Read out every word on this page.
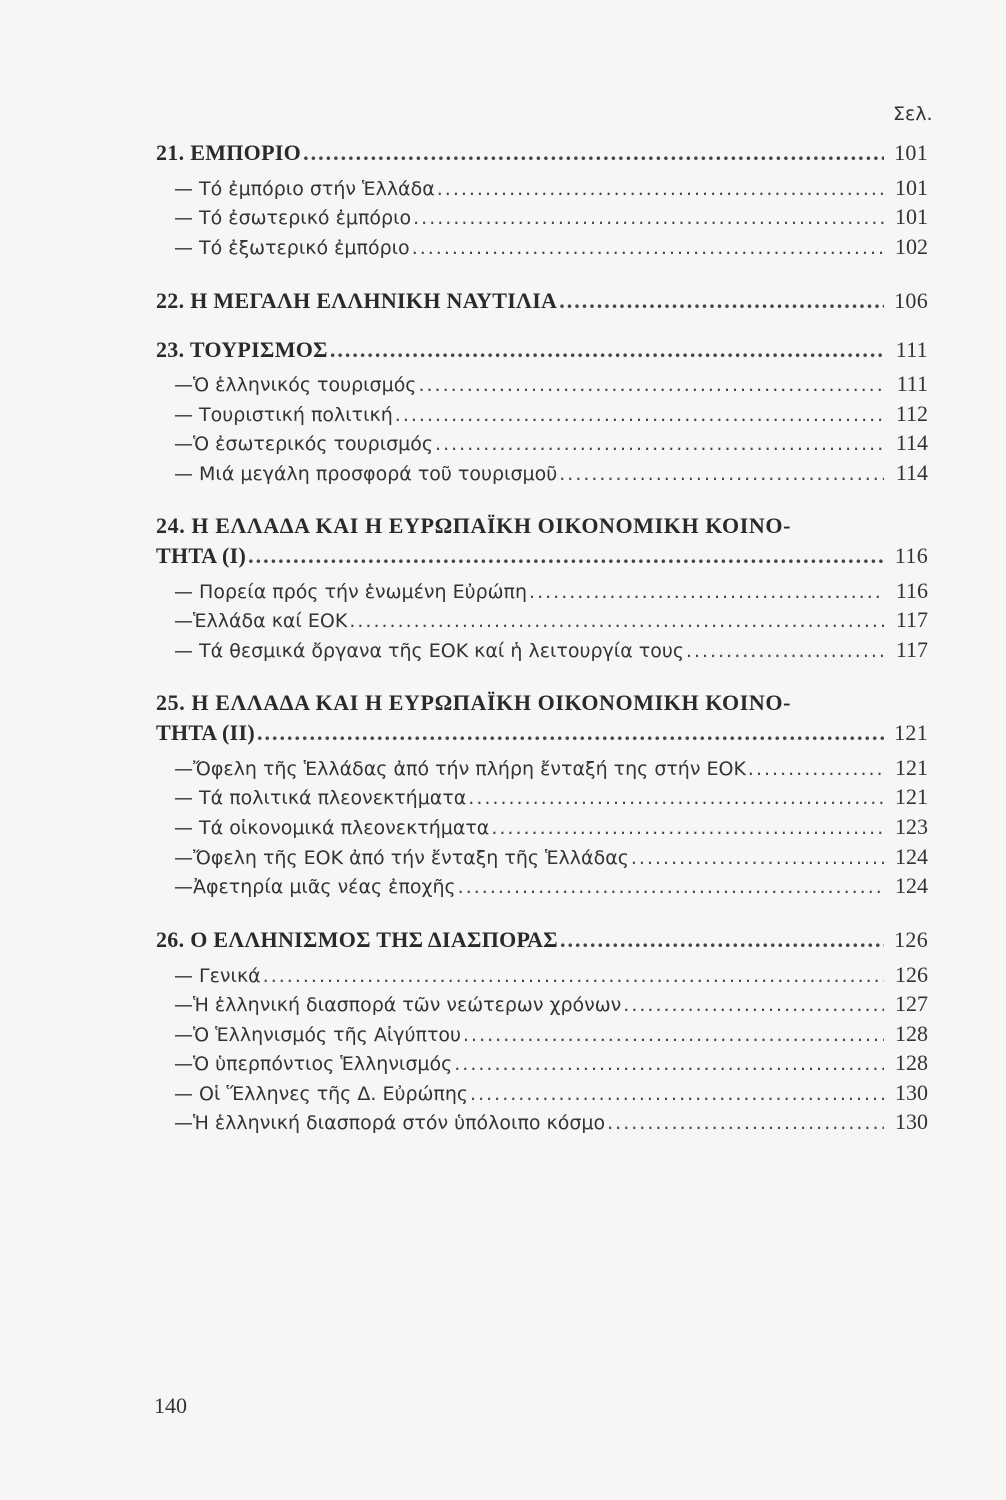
Σελ.
21. ΕΜΠΟΡΙΟ .....	101
— Τό ἐμπόριο στήν Ἑλλάδα .....	101
— Τό ἐσωτερικό ἐμπόριο .....	101
— Τό ἐξωτερικό ἐμπόριο .....	102
22. Η ΜΕΓΑΛΗ ΕΛΛΗΝΙΚΗ ΝΑΥΤΙΛΙΑ .....	106
23. ΤΟΥΡΙΣΜΟΣ .....	111
—Ὁ ἑλληνικός τουρισμός .....	111
— Τουριστική πολιτική .....	112
—Ὁ ἐσωτερικός τουρισμός .....	114
— Μιά μεγάλη προσφορά τοῦ τουρισμοῦ .....	114
24. Η ΕΛΛΑΔΑ ΚΑΙ Η ΕΥΡΩΠΑΪΚΗ ΟΙΚΟΝΟΜΙΚΗ ΚΟΙΝΟ-
ΤΗΤΑ (Ι) .....	116
— Πορεία πρός τήν ἑνωμένη Εὐρώπη .....	116
—Ἑλλάδα καί ΕΟΚ .....	117
— Τά θεσμικά ὄργανα τῆς ΕΟΚ καί ἡ λειτουργία τους .....	117
25. Η ΕΛΛΑΔΑ ΚΑΙ Η ΕΥΡΩΠΑΪΚΗ ΟΙΚΟΝΟΜΙΚΗ ΚΟΙΝΟ-
ΤΗΤΑ (ΙΙ) .....	121
—Ὄφελη τῆς Ἑλλάδας ἀπό τήν πλήρη ἔνταξή της στήν ΕΟΚ .....	121
— Τά πολιτικά πλεονεκτήματα .....	121
— Τά οἰκονομικά πλεονεκτήματα .....	123
—Ὄφελη τῆς ΕΟΚ ἀπό τήν ἔνταξη τῆς Ἑλλάδας .....	124
—Ἀφετηρία μιᾶς νέας ἐποχῆς .....	124
26. Ο ΕΛΛΗΝΙΣΜΟΣ ΤΗΣ ΔΙΑΣΠΟΡΑΣ .....	126
— Γενικά .....	126
—Ἡ ἑλληνική διασπορά τῶν νεώτερων χρόνων .....	127
—Ὁ Ἑλληνισμός τῆς Αἰγύπτου .....	128
—Ὁ ὑπερπόντιος Ἑλληνισμός .....	128
— Οἱ Ἕλληνες τῆς Δ. Εὐρώπης .....	130
—Ἡ ἑλληνική διασπορά στόν ὑπόλοιπο κόσμο .....	130
140
